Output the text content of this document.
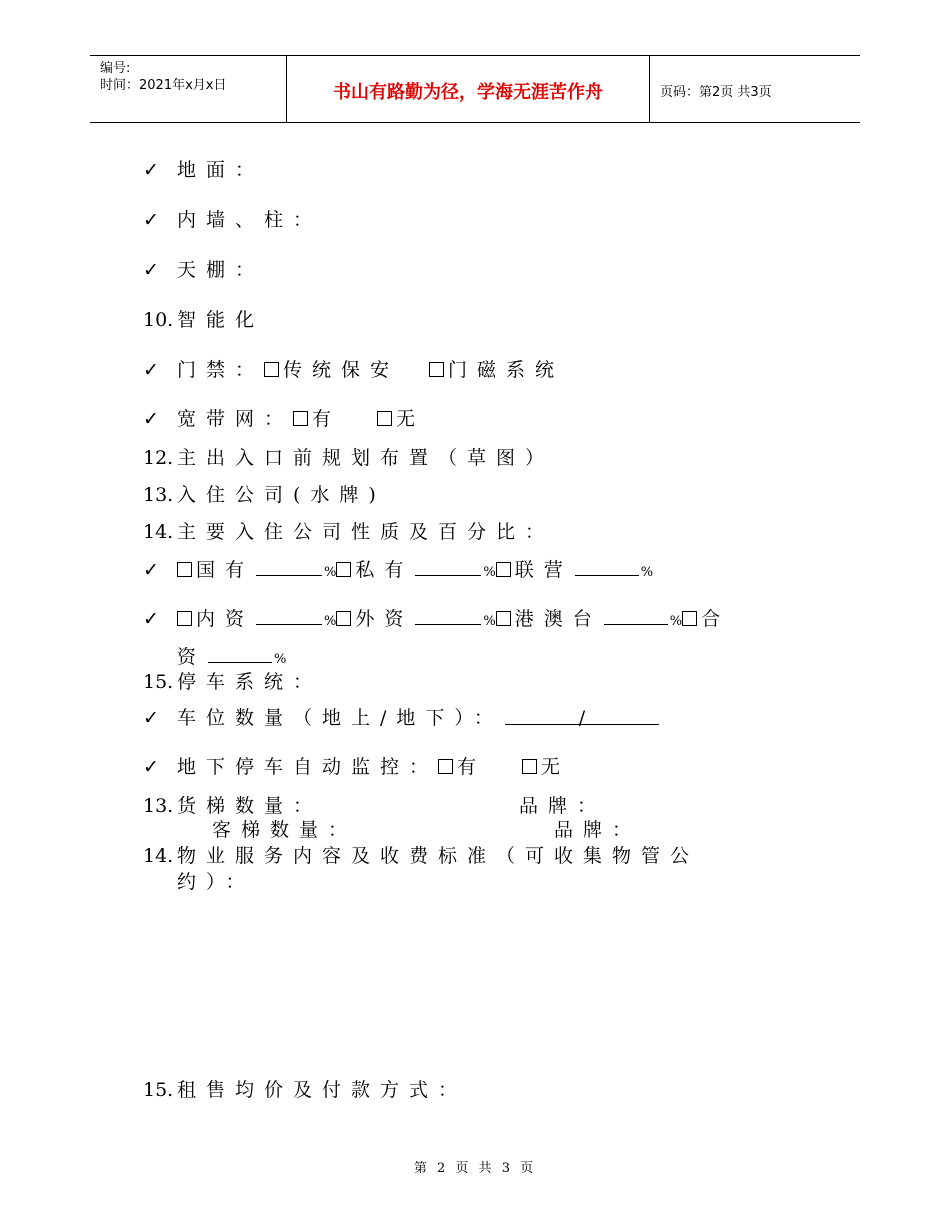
编号:
时间：2021年x月x日	书山有路勤为径，学海无涯苦作舟	页码：第2页 共3页
✓ 地面：
✓ 内墙、柱：
✓ 天棚：
10. 智能化
✓ 门禁： 传统保安	门磁系统
✓ 宽带网： 有	无
12. 主出入口前规划布置（草图）
13. 入住公司(水牌)
14. 主要入住公司性质及百分比：
✓ 国有	% 私有	% 联营	%
✓ 内资	% 外资	% 港澳台	% 合
资	%
15. 停车系统：
✓ 车位数量（地上/地下）：	/
✓ 地下停车自动监控： 有	无
13. 货梯数量：	品牌：
客梯数量：	品牌：
14. 物业服务内容及收费标准（可收集物管公
约）：
15. 租售均价及付款方式：
第 2 页 共 3 页
